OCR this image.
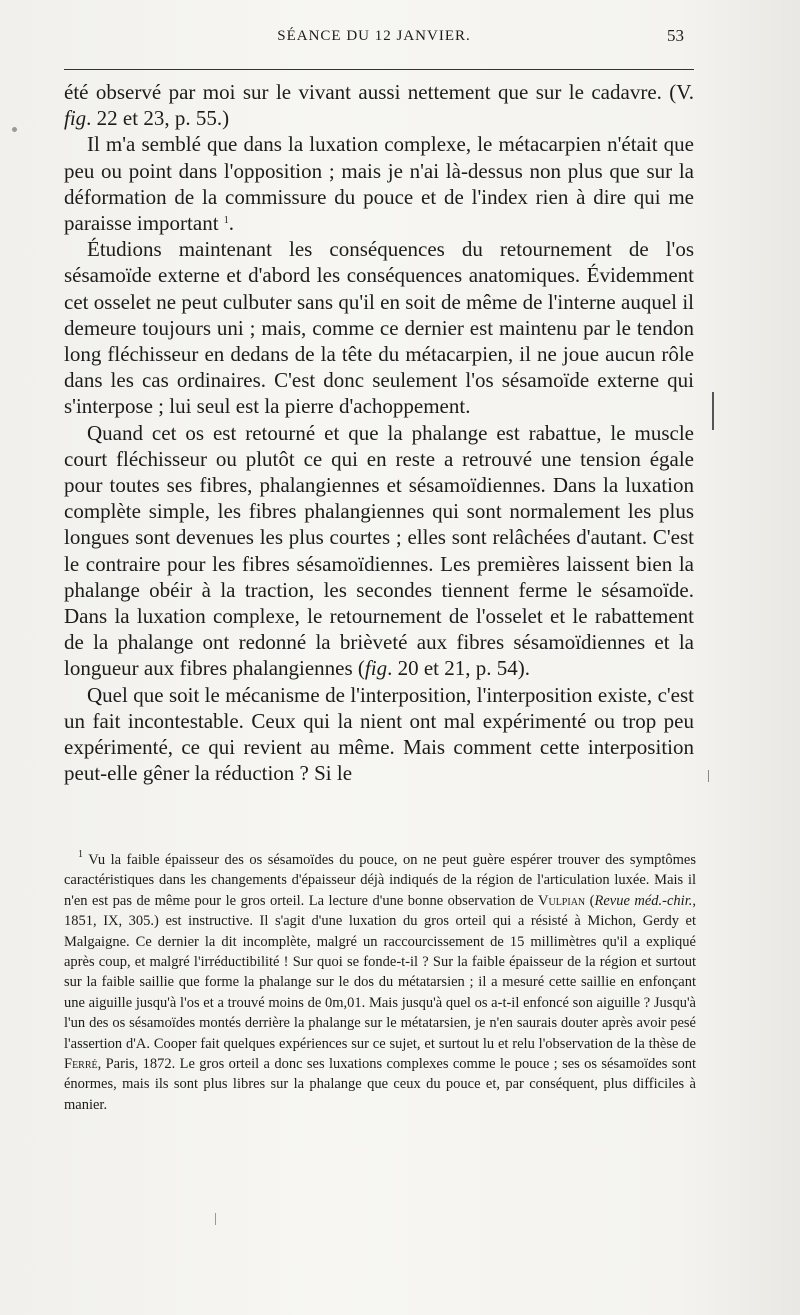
SÉANCE DU 12 JANVIER.	53

été observé par moi sur le vivant aussi nettement que sur le cadavre. (V. fig. 22 et 23, p. 55.)

Il m'a semblé que dans la luxation complexe, le métacarpien n'était que peu ou point dans l'opposition ; mais je n'ai là-dessus non plus que sur la déformation de la commissure du pouce et de l'index rien à dire qui me paraisse important $^1$.

Étudions maintenant les conséquences du retournement de l'os sésamoïde externe et d'abord les conséquences anatomiques. Évidemment cet osselet ne peut culbuter sans qu'il en soit de même de l'interne auquel il demeure toujours uni ; mais, comme ce dernier est maintenu par le tendon long fléchisseur en dedans de la tête du métacarpien, il ne joue aucun rôle dans les cas ordinaires. C'est donc seulement l'os sésamoïde externe qui s'interpose ; lui seul est la pierre d'achoppement.

Quand cet os est retourné et que la phalange est rabattue, le muscle court fléchisseur ou plutôt ce qui en reste a retrouvé une tension égale pour toutes ses fibres, phalangiennes et sésamoïdiennes. Dans la luxation complète simple, les fibres phalangiennes qui sont normalement les plus longues sont devenues les plus courtes ; elles sont relâchées d'autant. C'est le contraire pour les fibres sésamoïdiennes. Les premières laissent bien la phalange obéir à la traction, les secondes tiennent ferme le sésamoïde. Dans la luxation complexe, le retournement de l'osselet et le rabattement de la phalange ont redonné la brièveté aux fibres sésamoïdiennes et la longueur aux fibres phalangiennes (fig. 20 et 21, p. 54).

Quel que soit le mécanisme de l'interposition, l'interposition existe, c'est un fait incontestable. Ceux qui la nient ont mal expérimenté ou trop peu expérimenté, ce qui revient au même. Mais comment cette interposition peut-elle gêner la réduction ? Si le

$^1$ Vu la faible épaisseur des os sésamoïdes du pouce, on ne peut guère espérer trouver des symptômes caractéristiques dans les changements d'épaisseur déjà indiqués de la région de l'articulation luxée. Mais il n'en est pas de même pour le gros orteil. La lecture d'une bonne observation de Vulpian (Revue méd.-chir., 1851, IX, 305.) est instructive. Il s'agit d'une luxation du gros orteil qui a résisté à Michon, Gerdy et Malgaigne. Ce dernier la dit incomplète, malgré un raccourcissement de 15 millimètres qu'il a expliqué après coup, et malgré l'irréductibilité ! Sur quoi se fonde-t-il ? Sur la faible épaisseur de la région et surtout sur la faible saillie que forme la phalange sur le dos du métatarsien ; il a mesuré cette saillie en enfonçant une aiguille jusqu'à l'os et a trouvé moins de 0m,01. Mais jusqu'à quel os a-t-il enfoncé son aiguille ? Jusqu'à l'un des os sésamoïdes montés derrière la phalange sur le métatarsien, je n'en saurais douter après avoir pesé l'assertion d'A. Cooper fait quelques expériences sur ce sujet, et surtout lu et relu l'observation de la thèse de Ferré, Paris, 1872. Le gros orteil a donc ses luxations complexes comme le pouce ; ses os sésamoïdes sont énormes, mais ils sont plus libres sur la phalange que ceux du pouce et, par conséquent, plus difficiles à manier.
